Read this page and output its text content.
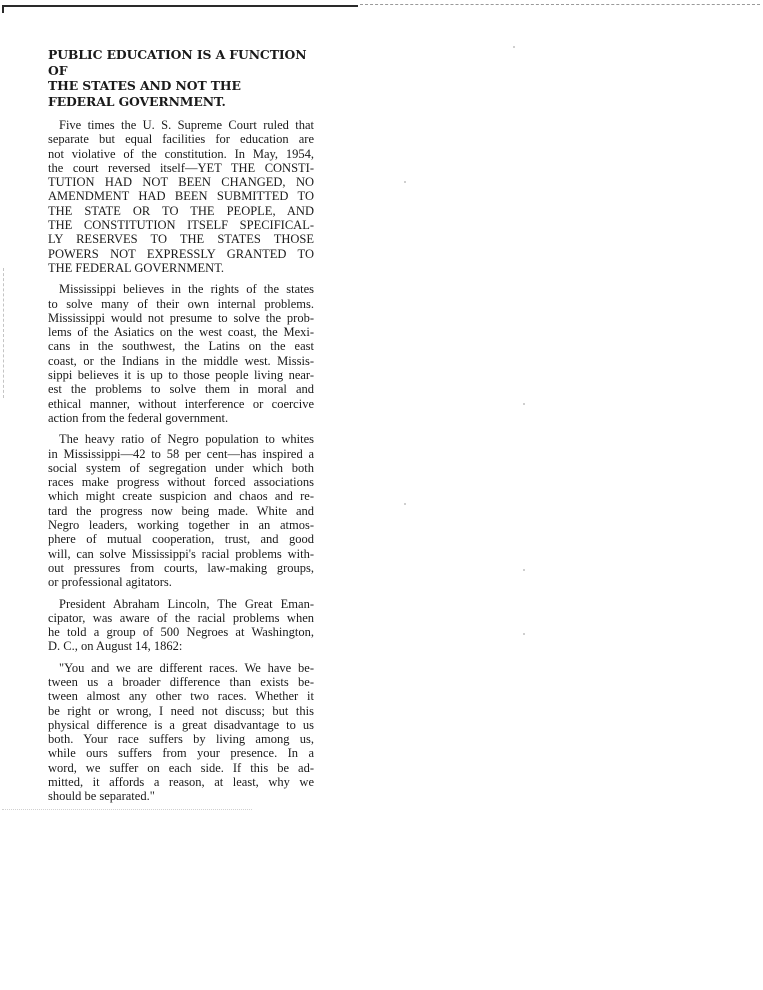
PUBLIC EDUCATION IS A FUNCTION OF
THE STATES AND NOT THE
FEDERAL GOVERNMENT.
Five times the U. S. Supreme Court ruled that
separate but equal facilities for education are
not violative of the constitution. In May, 1954,
the court reversed itself—YET THE CONSTI-
TUTION HAD NOT BEEN CHANGED, NO
AMENDMENT HAD BEEN SUBMITTED TO
THE STATE OR TO THE PEOPLE, AND
THE CONSTITUTION ITSELF SPECIFICAL-
LY RESERVES TO THE STATES THOSE
POWERS NOT EXPRESSLY GRANTED TO
THE FEDERAL GOVERNMENT.
Mississippi believes in the rights of the states
to solve many of their own internal problems.
Mississippi would not presume to solve the prob-
lems of the Asiatics on the west coast, the Mexi-
cans in the southwest, the Latins on the east
coast, or the Indians in the middle west. Missis-
sippi believes it is up to those people living near-
est the problems to solve them in moral and
ethical manner, without interference or coercive
action from the federal government.
The heavy ratio of Negro population to whites
in Mississippi—42 to 58 per cent—has inspired a
social system of segregation under which both
races make progress without forced associations
which might create suspicion and chaos and re-
tard the progress now being made. White and
Negro leaders, working together in an atmos-
phere of mutual cooperation, trust, and good
will, can solve Mississippi's racial problems with-
out pressures from courts, law-making groups,
or professional agitators.
President Abraham Lincoln, The Great Eman-
cipator, was aware of the racial problems when
he told a group of 500 Negroes at Washington,
D. C., on August 14, 1862:
"You and we are different races. We have be-
tween us a broader difference than exists be-
tween almost any other two races. Whether it
be right or wrong, I need not discuss; but this
physical difference is a great disadvantage to us
both. Your race suffers by living among us,
while ours suffers from your presence. In a
word, we suffer on each side. If this be ad-
mitted, it affords a reason, at least, why we
should be separated."
